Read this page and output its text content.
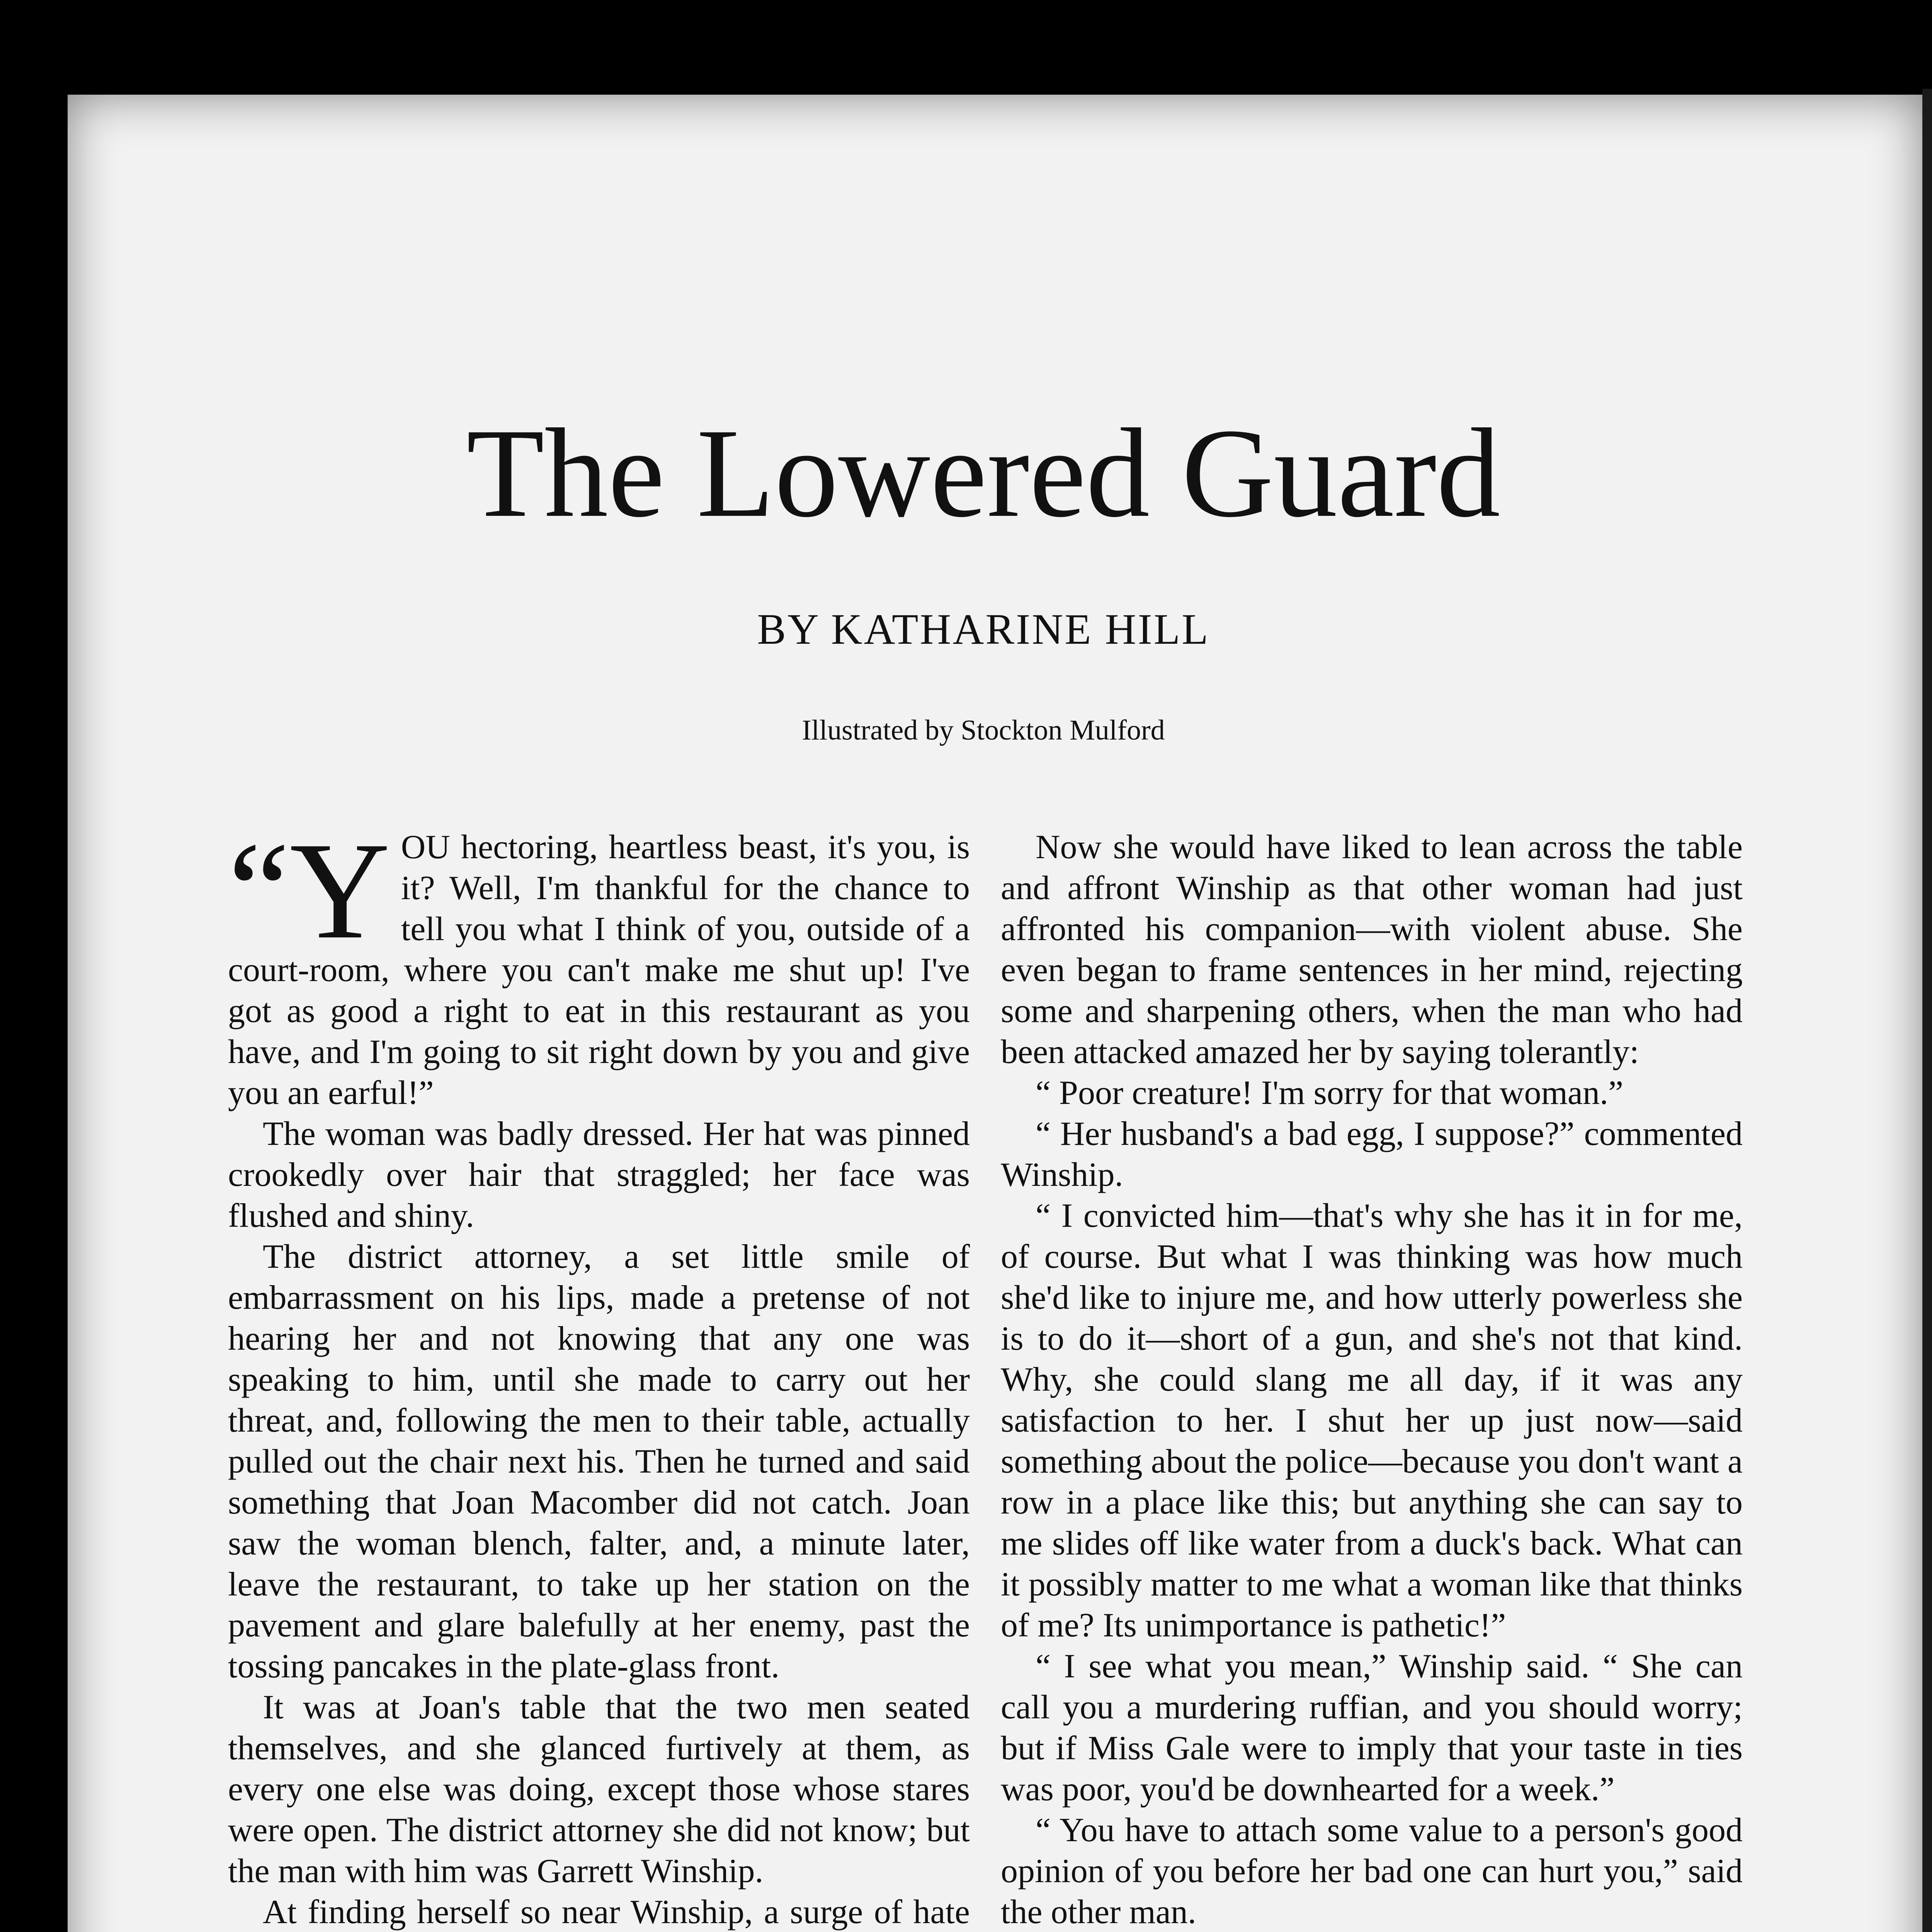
The Lowered Guard
BY KATHARINE HILL
Illustrated by Stockton Mulford

“Y OU hectoring, heartless beast, it's you, is it? Well, I'm thankful for the chance to tell you what I think of you, outside of a court-room, where you can't make me shut up! I've got as good a right to eat in this restaurant as you have, and I'm going to sit right down by you and give you an earful!”

The woman was badly dressed. Her hat was pinned crookedly over hair that straggled; her face was flushed and shiny.

The district attorney, a set little smile of embarrassment on his lips, made a pretense of not hearing her and not knowing that any one was speaking to him, until she made to carry out her threat, and, following the men to their table, actually pulled out the chair next his. Then he turned and said something that Joan Macomber did not catch. Joan saw the woman blench, falter, and, a minute later, leave the restaurant, to take up her station on the pavement and glare balefully at her enemy, past the tossing pancakes in the plate-glass front.

It was at Joan's table that the two men seated themselves, and she glanced furtively at them, as every one else was doing, except those whose stares were open. The district attorney she did not know; but the man with him was Garrett Winship.

At finding herself so near Winship, a surge of hate

Now she would have liked to lean across the table and affront Winship as that other woman had just affronted his companion—with violent abuse. She even began to frame sentences in her mind, rejecting some and sharpening others, when the man who had been attacked amazed her by saying tolerantly:

“ Poor creature! I'm sorry for that woman.”

“ Her husband's a bad egg, I suppose?” commented Winship.

“ I convicted him—that's why she has it in for me, of course. But what I was thinking was how much she'd like to injure me, and how utterly powerless she is to do it—short of a gun, and she's not that kind. Why, she could slang me all day, if it was any satisfaction to her. I shut her up just now—said something about the police—because you don't want a row in a place like this; but anything she can say to me slides off like water from a duck's back. What can it possibly matter to me what a woman like that thinks of me? Its unimportance is pathetic!”

“ I see what you mean,” Winship said. “ She can call you a murdering ruffian, and you should worry; but if Miss Gale were to imply that your taste in ties was poor, you'd be downhearted for a week.”

“ You have to attach some value to a person's good opinion of you before her bad one can hurt you,” said the other man.
